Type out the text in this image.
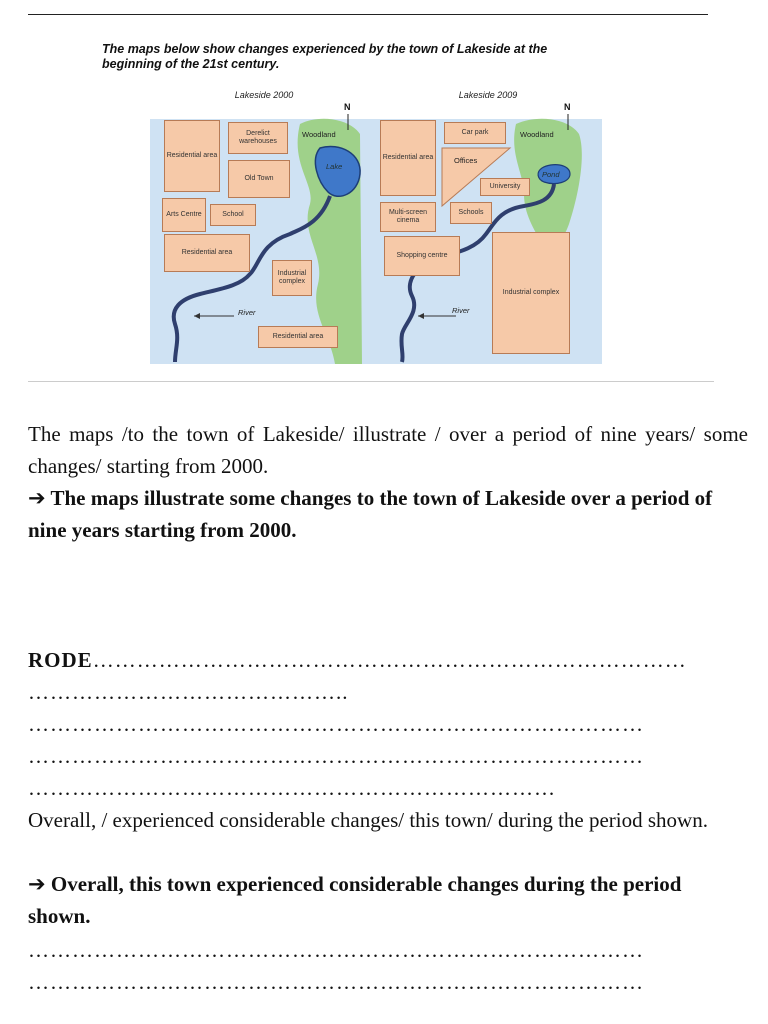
The maps below show changes experienced by the town of Lakeside at the
beginning of the 21st century.
Lakeside 2000
N
Residential area
Derelict warehouses
Woodland
Lake
Old Town
Arts Centre	School
Residential area
Industrial complex
River
Residential area
Lakeside 2009
N
Car park	Woodland
Residential area	Offices
Pond
University
Multi-screen cinema
Schools
Shopping centre
Industrial complex
River
The maps /to the town of Lakeside/ illustrate / over a period of nine years/ some changes/ starting from 2000.
➔ The maps illustrate some changes to the town of Lakeside over a period of nine years starting from 2000.
RODE………………………………………………………………………
……………………………………..
…………………………………………………………………………
…………………………………………………………………………
………………………………………………………………
Overall, / experienced considerable changes/ this town/ during the period shown.
➔ Overall, this town experienced considerable changes during the period shown.
…………………………………………………………………………
…………………………………………………………………………
